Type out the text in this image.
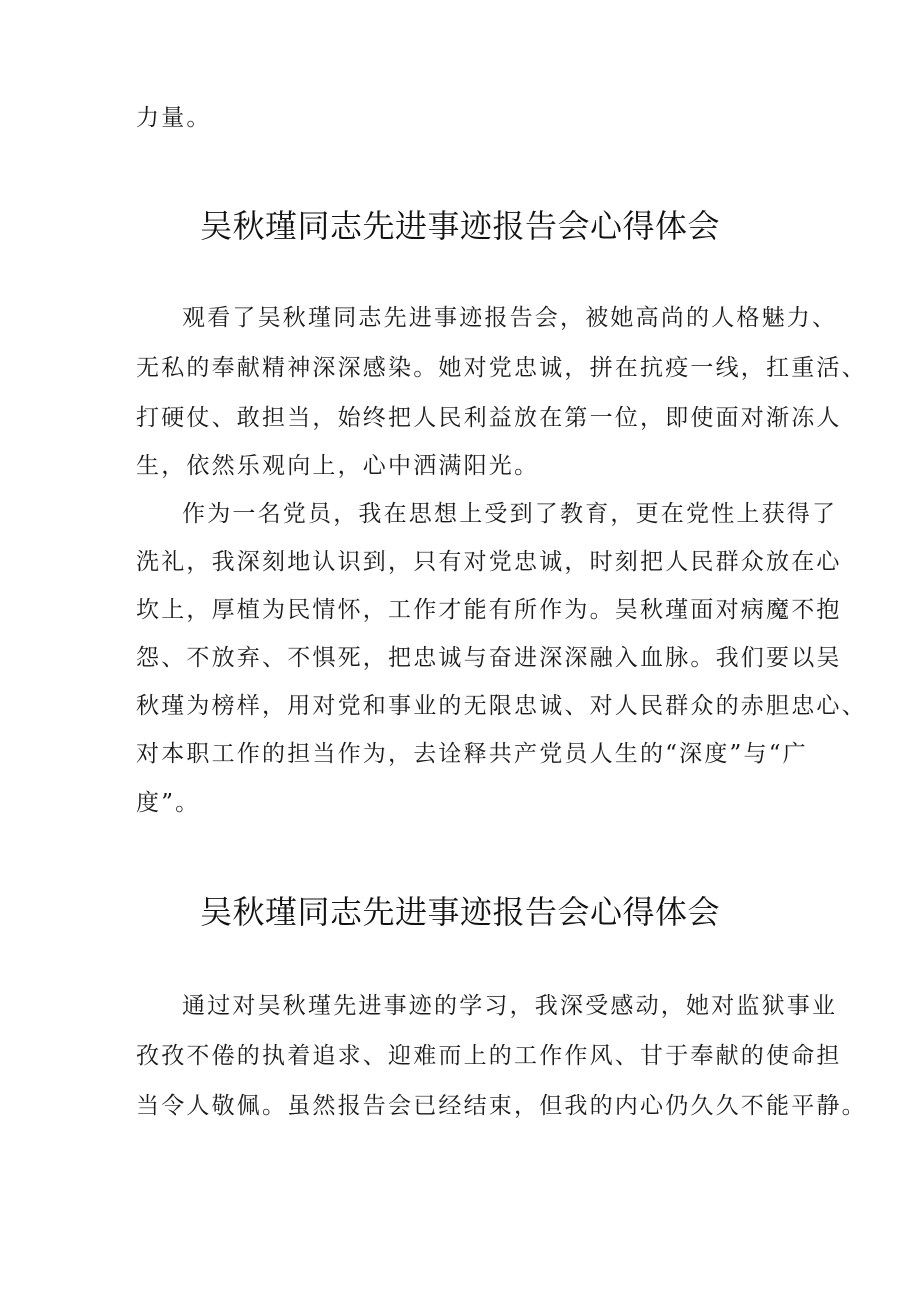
力量。
吴秋瑾同志先进事迹报告会心得体会
观看了吴秋瑾同志先进事迹报告会，被她高尚的人格魅力、
无私的奉献精神深深感染。她对党忠诚，拼在抗疫一线，扛重活、
打硬仗、敢担当，始终把人民利益放在第一位，即使面对渐冻人
生，依然乐观向上，心中洒满阳光。
作为一名党员，我在思想上受到了教育，更在党性上获得了
洗礼，我深刻地认识到，只有对党忠诚，时刻把人民群众放在心
坎上，厚植为民情怀，工作才能有所作为。吴秋瑾面对病魔不抱
怨、不放弃、不惧死，把忠诚与奋进深深融入血脉。我们要以吴
秋瑾为榜样，用对党和事业的无限忠诚、对人民群众的赤胆忠心、
对本职工作的担当作为，去诠释共产党员人生的“深度”与“广
度”。
吴秋瑾同志先进事迹报告会心得体会
通过对吴秋瑾先进事迹的学习，我深受感动，她对监狱事业
孜孜不倦的执着追求、迎难而上的工作作风、甘于奉献的使命担
当令人敬佩。虽然报告会已经结束，但我的内心仍久久不能平静。
